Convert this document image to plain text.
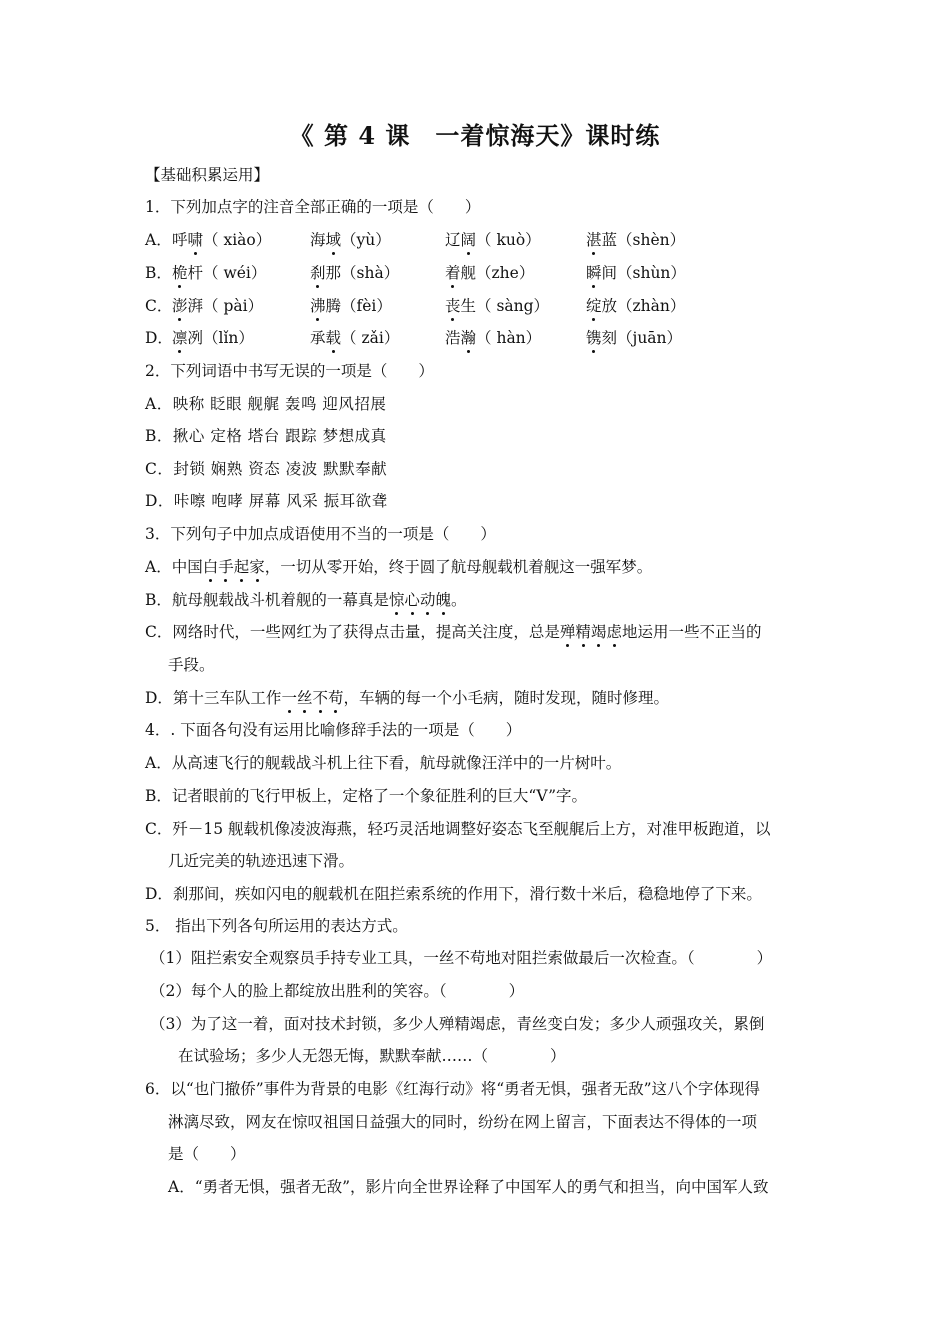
《 第 4 课　一着惊海天》课时练
【基础积累运用】
1．下列加点字的注音全部正确的一项是（　　）
A． 呼啸（ xiào）	海域（yù）	辽阔（ kuò）	湛蓝（shèn）
B． 桅杆（ wéi）	刹那（shà）	着舰（zhe）	瞬间（shùn）
C． 澎湃（ pài）	沸腾（fèi）	丧生（ sàng） 绽放（zhàn）
D． 凛冽（lǐn）	承载（ zǎi）	浩瀚（ hàn）	镌刻（juān）
2．下列词语中书写无误的一项是（　　）
A．映称 眨眼 舰艉 轰鸣 迎风招展
B．揪心 定格 塔台 跟踪 梦想成真
C．封锁 娴熟 资态 凌波 默默奉献
D．咔嚓 咆哮 屏幕 风采 振耳欲聋
3．下列句子中加点成语使用不当的一项是（　　）
A．中国白手起家，一切从零开始，终于圆了航母舰载机着舰这一强军梦。
B．航母舰载战斗机着舰的一幕真是惊心动魄。
C．网络时代，一些网红为了获得点击量，提高关注度，总是殚精竭虑地运用一些不正当的
手段。
D．第十三车队工作一丝不苟，车辆的每一个小毛病，随时发现，随时修理。
4．. 下面各句没有运用比喻修辞手法的一项是（　　）
A．从高速飞行的舰载战斗机上往下看，航母就像汪洋中的一片树叶。
B．记者眼前的飞行甲板上，定格了一个象征胜利的巨大“V”字。
C．歼－15 舰载机像凌波海燕，轻巧灵活地调整好姿态飞至舰艉后上方，对准甲板跑道，以
几近完美的轨迹迅速下滑。
D．刹那间，疾如闪电的舰载机在阻拦索系统的作用下，滑行数十米后，稳稳地停了下来。
5． 指出下列各句所运用的表达方式。
（1）阻拦索安全观察员手持专业工具，一丝不苟地对阻拦索做最后一次检查。（　　　　）
（2）每个人的脸上都绽放出胜利的笑容。（　　　　）
（3）为了这一着，面对技术封锁，多少人殚精竭虑，青丝变白发；多少人顽强攻关，累倒
在试验场；多少人无怨无悔，默默奉献……（　　　　）
6．以“也门撤侨”事件为背景的电影《红海行动》将“勇者无惧，强者无敌”这八个字体现得
淋漓尽致，网友在惊叹祖国日益强大的同时，纷纷在网上留言，下面表达不得体的一项
是（　　）
A．“勇者无惧，强者无敌”，影片向全世界诠释了中国军人的勇气和担当，向中国军人致
